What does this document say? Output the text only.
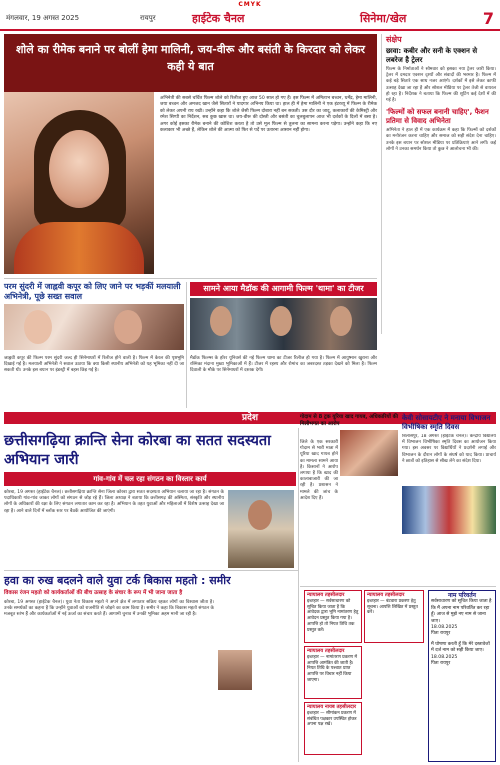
CMYK
मंगलवार, 19 अगस्त 2025	रायपुर	हाईटेक चैनल	सिनेमा/खेल	7
शोले का रीमेक बनाने पर बोलीं हेमा मालिनी, जय-वीरू और बसंती के किरदार को लेकर कही ये बात
अभिनेत्री की सबसे चर्चित फिल्म शोले को रिलीज हुए आज 50 साल हो गए हैं। इस फिल्म में अमिताभ बच्चन, धर्मेंद्र, हेमा मालिनी, जया बच्चन और अमजद खान जैसे सितारों ने यादगार अभिनय किया था। हाल ही में हेमा मालिनी ने एक इंटरव्यू में फिल्म के रीमेक को लेकर अपनी राय रखी। उन्होंने कहा कि शोले जैसी फिल्म दोबारा नहीं बन सकती। उस दौर का जादू, कलाकारों की केमिस्ट्री और रमेश सिप्पी का निर्देशन, सब कुछ खास था। जय-वीरू की दोस्ती और बसंती का चुलबुलापन आज भी दर्शकों के दिलों में बसा है। अगर कोई इसका रीमेक बनाने की कोशिश करता है तो उसे मूल फिल्म से तुलना का सामना करना पड़ेगा। उन्होंने कहा कि नए कलाकार भी अच्छे हैं, लेकिन शोले की आत्मा को फिर से पर्दे पर उतारना आसान नहीं होगा।
संक्षेप
छावा: कबीर और सनी के एक्शन से लबरेज है ट्रेलर
फिल्म के निर्माताओं ने सोमवार को इसका नया ट्रेलर जारी किया। ट्रेलर में दमदार एक्शन दृश्यों और संवादों की भरमार है। फिल्म में कई बड़े सितारे एक साथ नजर आएंगे। दर्शकों में इसे लेकर काफी उत्साह देखा जा रहा है और सोशल मीडिया पर ट्रेलर तेजी से वायरल हो रहा है। निर्देशक ने बताया कि फिल्म की शूटिंग कई देशों में की गई है।
'फिल्मों को सफल बनानी चाहिए', फैशन प्रतिमा से विवाद अभिनेता
अभिनेता ने हाल ही में एक कार्यक्रम में कहा कि फिल्मों को दर्शकों का मनोरंजन करना चाहिए और समाज को सही संदेश देना चाहिए। उनके इस बयान पर सोशल मीडिया पर प्रतिक्रियाएं आने लगीं। कई लोगों ने उनका समर्थन किया तो कुछ ने आलोचना भी की।
परम सुंदरी में जाह्नवी कपूर को लिए जाने पर भड़कीं मलयाली अभिनेत्री, पूछे सख्त सवाल
सामने आया मैडॉक की आगामी फिल्म 'थामा' का टीजर
जाह्नवी कपूर की फिल्म परम सुंदरी जल्द ही सिनेमाघरों में रिलीज होने वाली है। फिल्म में केरल की पृष्ठभूमि दिखाई गई है। मलयाली अभिनेत्री ने सवाल उठाया कि क्या किसी स्थानीय अभिनेत्री को यह भूमिका नहीं दी जा सकती थी। उनके इस बयान पर इंडस्ट्री में बहस छिड़ गई है।
मैडॉक फिल्म्स के हॉरर यूनिवर्स की नई फिल्म थामा का टीजर रिलीज हो गया है। फिल्म में आयुष्मान खुराना और रश्मिका मंदाना मुख्य भूमिकाओं में हैं। टीजर में रहस्य और रोमांच का जबरदस्त तड़का देखने को मिला है। फिल्म दिवाली के मौके पर सिनेमाघरों में दस्तक देगी।
प्रदेश
छत्तीसगढ़िया क्रान्ति सेना कोरबा का सतत सदस्यता अभियान जारी
गांव-गांव में चल रहा संगठन का विस्तार कार्य
कोरबा, 19 अगस्त (हाईटेक चैनल)। छत्तीसगढ़िया क्रान्ति सेना जिला कोरबा द्वारा सतत सदस्यता अभियान चलाया जा रहा है। संगठन के पदाधिकारी गांव-गांव जाकर लोगों को संगठन से जोड़ रहे हैं। जिला अध्यक्ष ने बताया कि छत्तीसगढ़ की अस्मिता, संस्कृति और स्थानीय लोगों के अधिकारों की रक्षा के लिए संगठन लगातार काम कर रहा है। अभियान के तहत युवाओं और महिलाओं में विशेष उत्साह देखा जा रहा है। आने वाले दिनों में ब्लॉक स्तर पर बैठकें आयोजित की जाएंगी।
गोदाम से 8 ट्रक यूरिया खाद गायब, अधिकारियों की मिलीभगत का आरोप
जिले के एक सरकारी गोदाम से भारी मात्रा में यूरिया खाद गायब होने का मामला सामने आया है। किसानों ने आरोप लगाया है कि खाद की कालाबाजारी की जा रही है। प्रशासन ने मामले की जांच के आदेश दिए हैं।
केवी सोसायटीए ने मनाया विभाजन विभीषिका स्मृति दिवस
बिलासपुर, 18 अगस्त (हाईटेक चैनल)। केन्द्रीय विद्यालय में विभाजन विभीषिका स्मृति दिवस का आयोजन किया गया। इस अवसर पर विद्यार्थियों ने प्रदर्शनी लगाई और विभाजन के दौरान लोगों के संघर्ष को याद किया। प्राचार्य ने छात्रों को इतिहास से सीख लेने का संदेश दिया।
हवा का रुख बदलने वाले युवा टर्क बिकास महतो : समीर
विकास रंजन महतो को कार्यकर्ताओं की बीच उत्साह के संचार के रूप में भी जाना जाता है
कोरबा, 19 अगस्त (हाईटेक चैनल)। युवा नेता विकास महतो ने अपने क्षेत्र में लगातार सक्रिय रहकर लोगों का विश्वास जीता है। उनके समर्थकों का कहना है कि उन्होंने युवाओं को राजनीति से जोड़ने का काम किया है। समीर ने कहा कि बिकास महतो संगठन के मजबूत स्तंभ हैं और कार्यकर्ताओं में नई ऊर्जा का संचार करते हैं। आगामी चुनाव में उनकी भूमिका अहम मानी जा रही है।
न्यायालय तहसीलदार
इश्तहार — सर्वसाधारण को सूचित किया जाता है कि आवेदक द्वारा भूमि नामांतरण हेतु आवेदन प्रस्तुत किया गया है। आपत्ति हो तो नियत तिथि तक प्रस्तुत करें।
न्यायालय तहसीलदार
इश्तहार — नामांतरण प्रकरण में आपत्ति आमंत्रित की जाती है। नियत तिथि के पश्चात प्राप्त आपत्ति पर विचार नहीं किया जाएगा।
न्यायालय नायब तहसीलदार
इश्तहार — सीमांकन प्रकरण में संबंधित पक्षकार उपस्थित होकर अपना पक्ष रखें।
न्यायालय तहसीलदार
इश्तहार — बंटवारा प्रकरण हेतु सूचना। आपत्ति लिखित में प्रस्तुत करें।
नाम परिवर्तन
सर्वसाधारण को सूचित किया जाता है कि मैं अपना नाम परिवर्तित कर रहा हूँ। आज से मुझे नए नाम से जाना जाए।
18.08.2025
पिता रायपुर
मैं घोषणा करती हूँ कि मेरे दस्तावेजों में दर्ज नाम को सही किया जाए।
18.08.2025
पिता रायपुर
